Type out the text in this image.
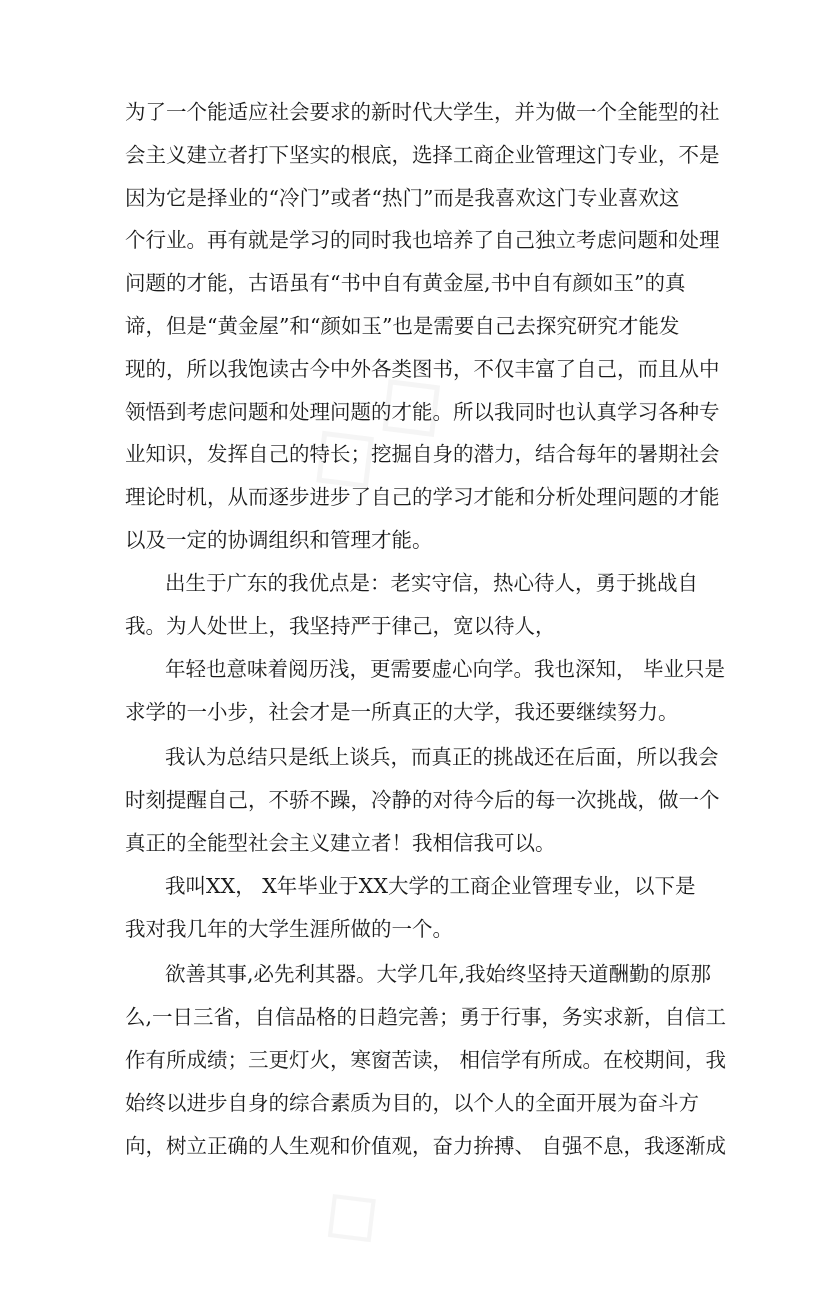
为了一个能适应社会要求的新时代大学生，并为做一个全能型的社
会主义建立者打下坚实的根底，选择工商企业管理这门专业，不是
因为它是择业的“冷门”或者“热门”而是我喜欢这门专业喜欢这
个行业。再有就是学习的同时我也培养了自己独立考虑问题和处理
问题的才能，古语虽有“书中自有黄金屋,书中自有颜如玉”的真
谛，但是“黄金屋”和“颜如玉”也是需要自己去探究研究才能发
现的，所以我饱读古今中外各类图书，不仅丰富了自己，而且从中
领悟到考虑问题和处理问题的才能。所以我同时也认真学习各种专
业知识，发挥自己的特长；挖掘自身的潜力，结合每年的暑期社会
理论时机，从而逐步进步了自己的学习才能和分析处理问题的才能
以及一定的协调组织和管理才能。
出生于广东的我优点是：老实守信，热心待人，勇于挑战自
我。为人处世上，我坚持严于律己，宽以待人，
年轻也意味着阅历浅，更需要虚心向学。我也深知， 毕业只是
求学的一小步，社会才是一所真正的大学，我还要继续努力。
我认为总结只是纸上谈兵，而真正的挑战还在后面，所以我会
时刻提醒自己，不骄不躁，冷静的对待今后的每一次挑战，做一个
真正的全能型社会主义建立者！我相信我可以。
我叫XX， X年毕业于XX大学的工商企业管理专业，以下是
我对我几年的大学生涯所做的一个。
欲善其事,必先利其器。大学几年,我始终坚持天道酬勤的原那
么,一日三省，自信品格的日趋完善；勇于行事，务实求新，自信工
作有所成绩；三更灯火，寒窗苦读， 相信学有所成。在校期间，我
始终以进步自身的综合素质为目的，以个人的全面开展为奋斗方
向，树立正确的人生观和价值观，奋力拚搏、 自强不息，我逐渐成
